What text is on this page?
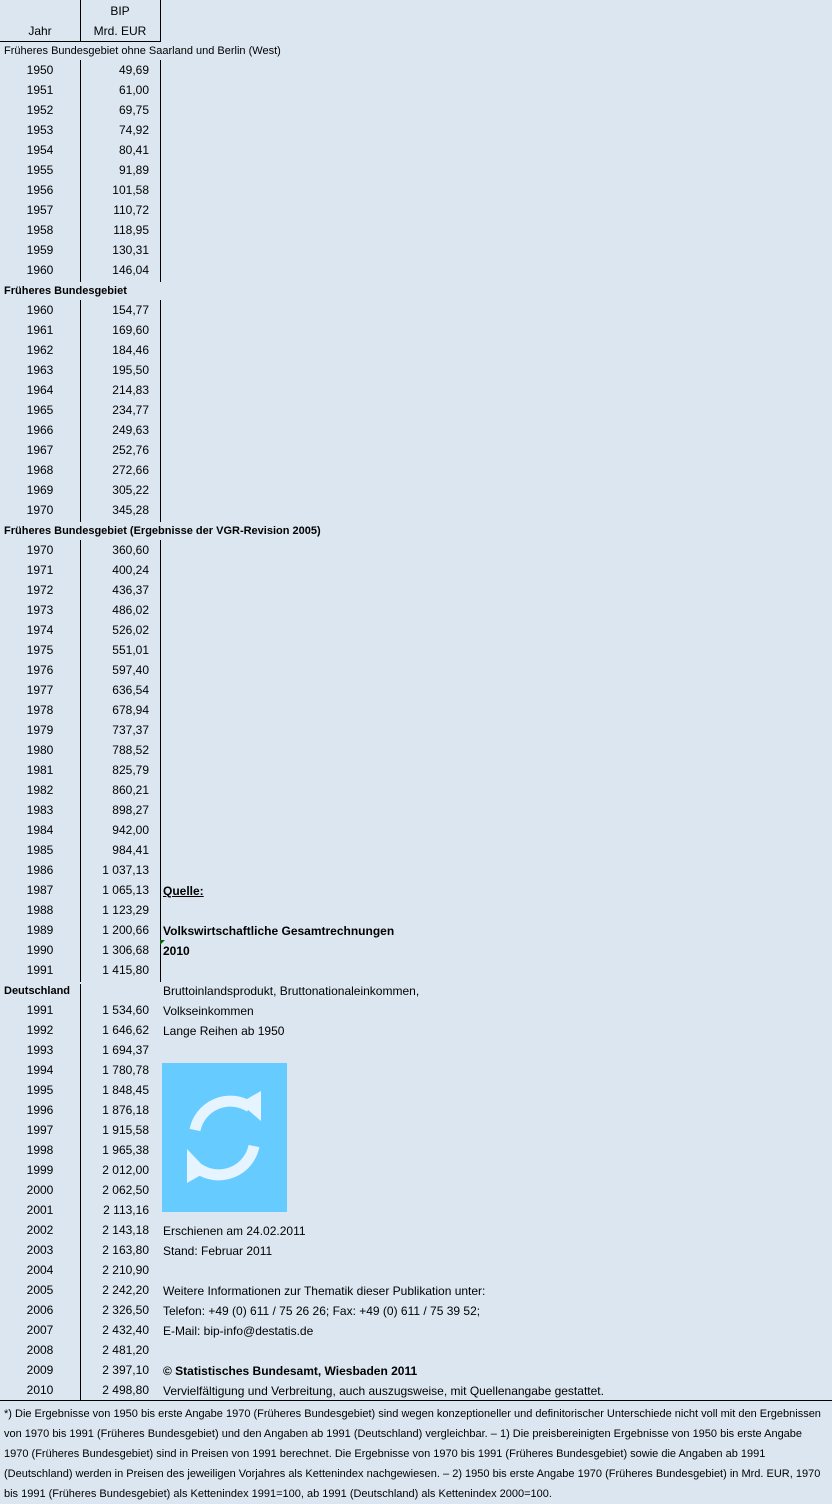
BIP
Mrd. EUR
Jahr
Früheres Bundesgebiet ohne Saarland und Berlin (West)
1950	49,69
1951	61,00
1952	69,75
1953	74,92
1954	80,41
1955	91,89
1956	101,58
1957	110,72
1958	118,95
1959	130,31
1960	146,04
Früheres Bundesgebiet
1960	154,77
1961	169,60
1962	184,46
1963	195,50
1964	214,83
1965	234,77
1966	249,63
1967	252,76
1968	272,66
1969	305,22
1970	345,28
Früheres Bundesgebiet (Ergebnisse der VGR-Revision 2005)
1970	360,60
1971	400,24
1972	436,37
1973	486,02
1974	526,02
1975	551,01
1976	597,40
1977	636,54
1978	678,94
1979	737,37
1980	788,52
1981	825,79
1982	860,21
1983	898,27
1984	942,00
1985	984,41
1986	1 037,13
1987	1 065,13
1988	1 123,29
1989	1 200,66
1990	1 306,68
1991	1 415,80
Deutschland
1991	1 534,60
1992	1 646,62
1993	1 694,37
1994	1 780,78
1995	1 848,45
1996	1 876,18
1997	1 915,58
1998	1 965,38
1999	2 012,00
2000	2 062,50
2001	2 113,16
2002	2 143,18
2003	2 163,80
2004	2 210,90
2005	2 242,20
2006	2 326,50
2007	2 432,40
2008	2 481,20
2009	2 397,10
2010	2 498,80
Quelle:
Volkswirtschaftliche Gesamtrechnungen
2010
Bruttoinlandsprodukt, Bruttonationaleinkommen,
Volkseinkommen
Lange Reihen ab 1950
Erschienen am 24.02.2011
Stand: Februar 2011
Weitere Informationen zur Thematik dieser Publikation unter:
Telefon: +49 (0) 611 / 75 26 26; Fax: +49 (0) 611 / 75 39 52;
E-Mail: bip-info@destatis.de
© Statistisches Bundesamt, Wiesbaden 2011
Vervielfältigung und Verbreitung, auch auszugsweise, mit Quellenangabe gestattet.
*) Die Ergebnisse von 1950 bis erste Angabe 1970 (Früheres Bundesgebiet) sind wegen konzeptioneller und definitorischer Unterschiede nicht voll mit den Ergebnissen von 1970 bis 1991 (Früheres Bundesgebiet) und den Angaben ab 1991 (Deutschland) vergleichbar. – 1) Die preisbereinigten Ergebnisse von 1950 bis erste Angabe 1970 (Früheres Bundesgebiet) sind in Preisen von 1991 berechnet. Die Ergebnisse von 1970 bis 1991 (Früheres Bundesgebiet) sowie die Angaben ab 1991 (Deutschland) werden in Preisen des jeweiligen Vorjahres als Kettenindex nachgewiesen. – 2) 1950 bis erste Angabe 1970 (Früheres Bundesgebiet) in Mrd. EUR, 1970 bis 1991 (Früheres Bundesgebiet) als Kettenindex 1991=100, ab 1991 (Deutschland) als Kettenindex 2000=100.
